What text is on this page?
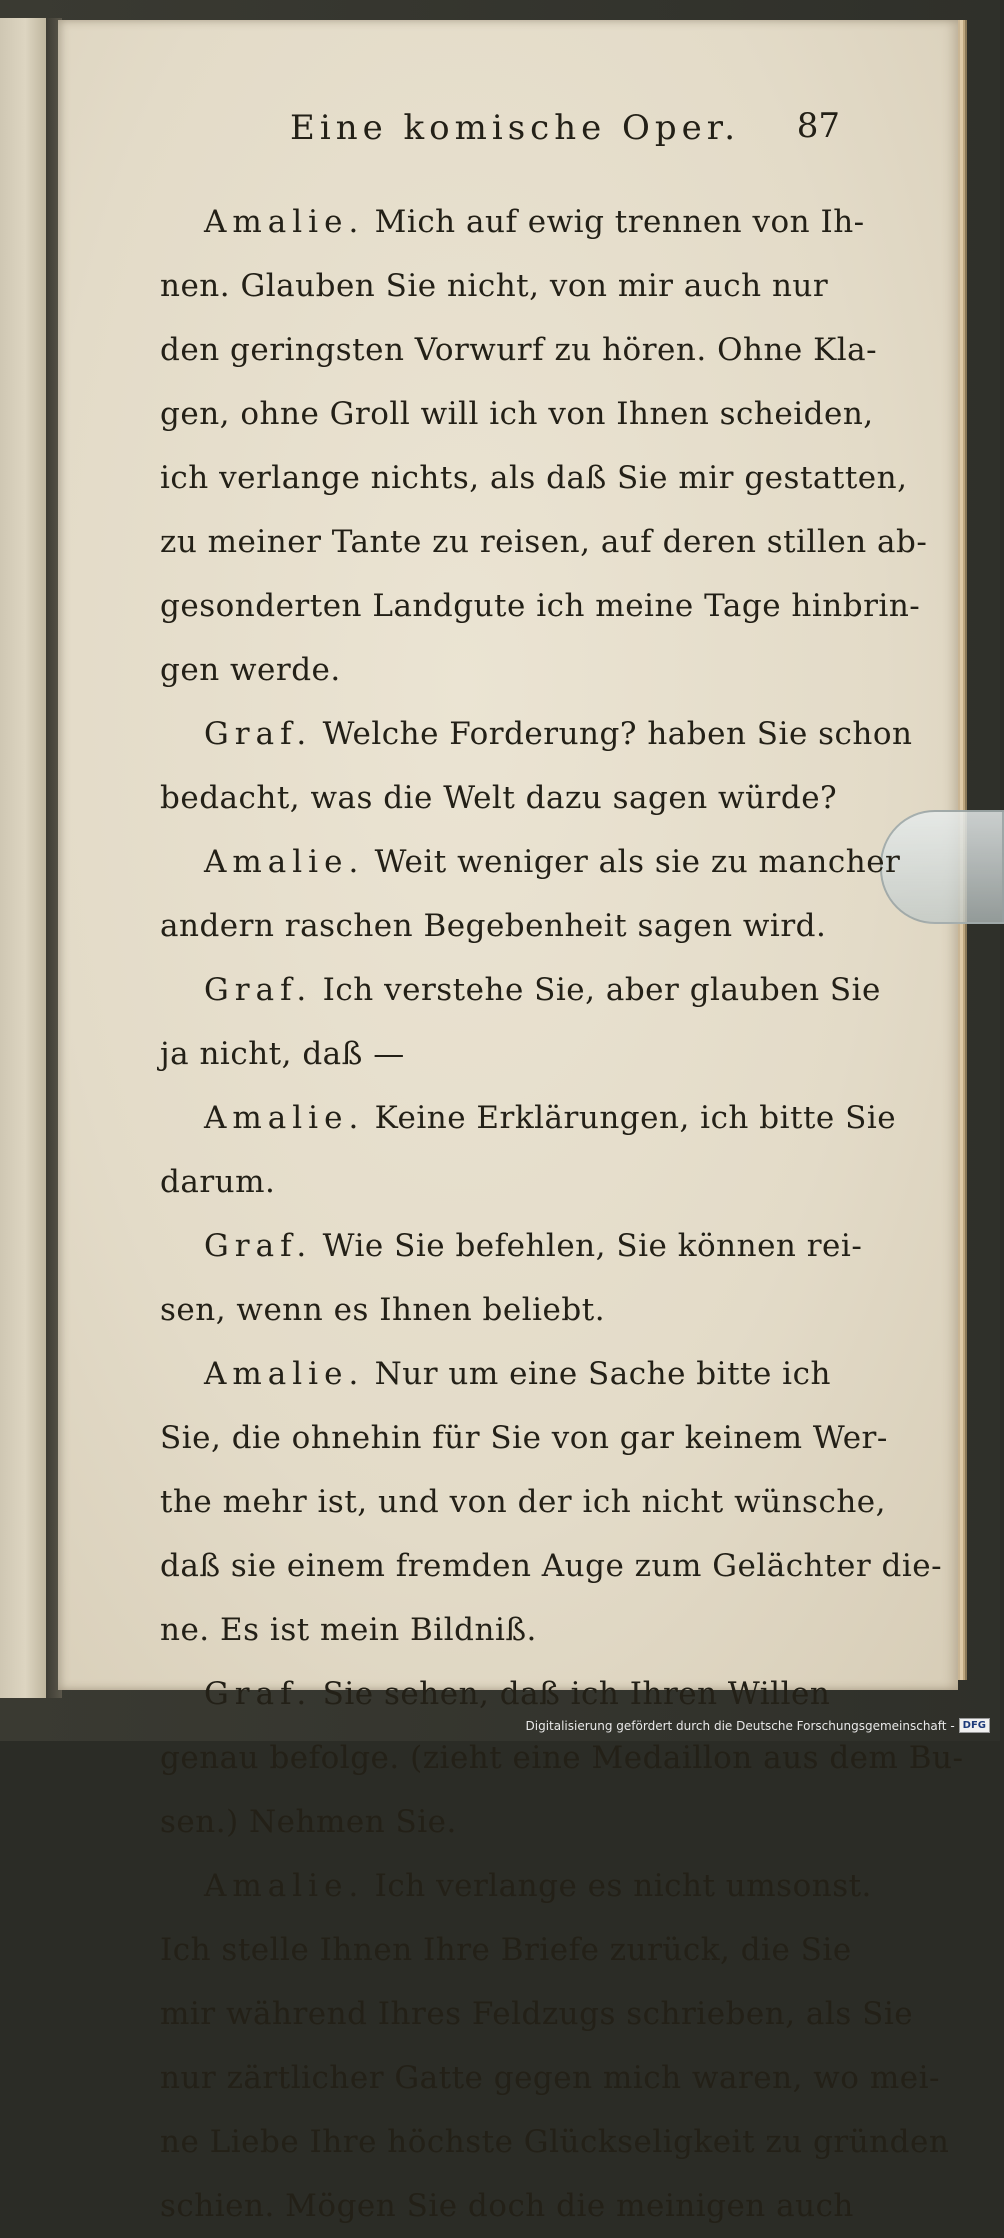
Eine komische Oper. 87
Amalie. Mich auf ewig trennen von Ih-
nen. Glauben Sie nicht, von mir auch nur
den geringsten Vorwurf zu hören. Ohne Kla-
gen, ohne Groll will ich von Ihnen scheiden,
ich verlange nichts, als daß Sie mir gestatten,
zu meiner Tante zu reisen, auf deren stillen ab-
gesonderten Landgute ich meine Tage hinbrin-
gen werde.
Graf. Welche Forderung? haben Sie schon
bedacht, was die Welt dazu sagen würde?
Amalie. Weit weniger als sie zu mancher
andern raschen Begebenheit sagen wird.
Graf. Ich verstehe Sie, aber glauben Sie
ja nicht, daß —
Amalie. Keine Erklärungen, ich bitte Sie
darum.
Graf. Wie Sie befehlen, Sie können rei-
sen, wenn es Ihnen beliebt.
Amalie. Nur um eine Sache bitte ich
Sie, die ohnehin für Sie von gar keinem Wer-
the mehr ist, und von der ich nicht wünsche,
daß sie einem fremden Auge zum Gelächter die-
ne. Es ist mein Bildniß.
Graf. Sie sehen, daß ich Ihren Willen
genau befolge. (zieht eine Medaillon aus dem Bu-
sen.) Nehmen Sie.
Amalie. Ich verlange es nicht umsonst.
Ich stelle Ihnen Ihre Briefe zurück, die Sie
mir während Ihres Feldzugs schrieben, als Sie
nur zärtlicher Gatte gegen mich waren, wo mei-
ne Liebe Ihre höchste Glückseligkeit zu gründen
schien. Mögen Sie doch die meinigen auch
Digitalisierung gefördert durch die Deutsche Forschungsgemeinschaft - DFG
